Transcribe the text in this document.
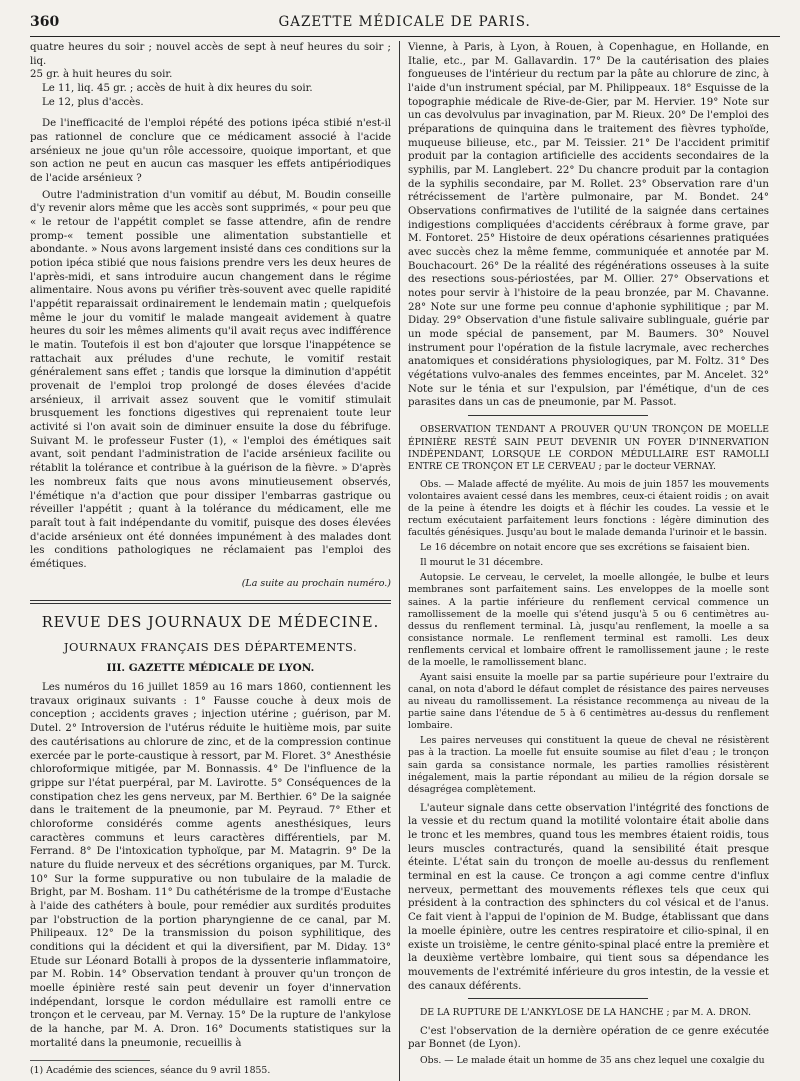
360	GAZETTE MÉDICALE DE PARIS.
quatre heures du soir ; nouvel accès de sept à neuf heures du soir ; liq.
25 gr. à huit heures du soir.
Le 11, liq. 45 gr. ; accès de huit à dix heures du soir.
Le 12, plus d'accès.

De l'inefficacité de l'emploi répété des potions ipéca stibié n'est-il pas rationnel de conclure que ce médicament associé à l'acide arsénieux ne joue qu'un rôle accessoire, quoique important, et que son action ne peut en aucun cas masquer les effets antipériodiques de l'acide arsénieux ?

Outre l'administration d'un vomitif au début, M. Boudin conseille d'y revenir alors même que les accès sont supprimés, « pour peu que « le retour de l'appétit complet se fasse attendre, afin de rendre promp-« tement possible une alimentation substantielle et abondante. » Nous avons largement insisté dans ces conditions sur la potion ipéca stibié que nous faisions prendre vers les deux heures de l'après-midi, et sans introduire aucun changement dans le régime alimentaire. Nous avons pu vérifier très-souvent avec quelle rapidité l'appétit reparaissait ordinairement le lendemain matin ; quelquefois même le jour du vomitif le malade mangeait avidement à quatre heures du soir les mêmes aliments qu'il avait reçus avec indifférence le matin. Toutefois il est bon d'ajouter que lorsque l'inappétence se rattachait aux préludes d'une rechute, le vomitif restait généralement sans effet ; tandis que lorsque la diminution d'appétit provenait de l'emploi trop prolongé de doses élevées d'acide arsénieux, il arrivait assez souvent que le vomitif stimulait brusquement les fonctions digestives qui reprenaient toute leur activité si l'on avait soin de diminuer ensuite la dose du fébrifuge. Suivant M. le professeur Fuster (1), « l'emploi des émétiques sait avant, soit pendant l'administration de l'acide arsénieux facilite ou rétablit la tolérance et contribue à la guérison de la fièvre. » D'après les nombreux faits que nous avons minutieusement observés, l'émétique n'a d'action que pour dissiper l'embarras gastrique ou réveiller l'appétit ; quant à la tolérance du médicament, elle me paraît tout à fait indépendante du vomitif, puisque des doses élevées d'acide arsénieux ont été données impunément à des malades dont les conditions pathologiques ne réclamaient pas l'emploi des émétiques.

(La suite au prochain numéro.)
REVUE DES JOURNAUX DE MÉDECINE.
JOURNAUX FRANÇAIS DES DÉPARTEMENTS.
III. GAZETTE MÉDICALE DE LYON.

Les numéros du 16 juillet 1859 au 16 mars 1860, contiennent les travaux originaux suivants : 1° Fausse couche à deux mois de conception ; accidents graves ; injection utérine ; guérison, par M. Dutel. 2° Introversion de l'utérus réduite le huitième mois, par suite des cautérisations au chlorure de zinc, et de la compression continue exercée par le porte-caustique à ressort, par M. Floret. 3° Anesthésie chloroformique mitigée, par M. Bonnassis. 4° De l'influence de la grippe sur l'état puerpéral, par M. Lavirotte. 5° Conséquences de la constipation chez les gens nerveux, par M. Berthier. 6° De la saignée dans le traitement de la pneumonie, par M. Peyraud. 7° Ether et chloroforme considérés comme agents anesthésiques, leurs caractères communs et leurs caractères différentiels, par M. Ferrand. 8° De l'intoxication typhoïque, par M. Matagrin. 9° De la nature du fluide nerveux et des sécrétions organiques, par M. Turck. 10° Sur la forme suppurative ou non tubulaire de la maladie de Bright, par M. Bosham. 11° Du cathétérisme de la trompe d'Eustache à l'aide des cathéters à boule, pour remédier aux surdités produites par l'obstruction de la portion pharyngienne de ce canal, par M. Philipeaux. 12° De la transmission du poison syphilitique, des conditions qui la décident et qui la diversifient, par M. Diday. 13° Etude sur Léonard Botalli à propos de la dyssenterie inflammatoire, par M. Robin. 14° Observation tendant à prouver qu'un tronçon de moelle épinière resté sain peut devenir un foyer d'innervation indépendant, lorsque le cordon médullaire est ramolli entre ce tronçon et le cerveau, par M. Vernay. 15° De la rupture de l'ankylose de la hanche, par M. A. Dron. 16° Documents statistiques sur la mortalité dans la pneumonie, recueillis à

(1) Académie des sciences, séance du 9 avril 1855.

Vienne, à Paris, à Lyon, à Rouen, à Copenhague, en Hollande, en Italie, etc., par M. Gallavardin. 17° De la cautérisation des plaies fongueuses de l'intérieur du rectum par la pâte au chlorure de zinc, à l'aide d'un instrument spécial, par M. Philippeaux. 18° Esquisse de la topographie médicale de Rive-de-Gier, par M. Hervier. 19° Note sur un cas devolvulus par invagination, par M. Rieux. 20° De l'emploi des préparations de quinquina dans le traitement des fièvres typhoïde, muqueuse bilieuse, etc., par M. Teissier. 21° De l'accident primitif produit par la contagion artificielle des accidents secondaires de la syphilis, par M. Langlebert. 22° Du chancre produit par la contagion de la syphilis secondaire, par M. Rollet. 23° Observation rare d'un rétrécissement de l'artère pulmonaire, par M. Bondet. 24° Observations confirmatives de l'utilité de la saignée dans certaines indigestions compliquées d'accidents cérébraux à forme grave, par M. Fontoret. 25° Histoire de deux opérations césariennes pratiquées avec succès chez la même femme, communiquée et annotée par M. Bouchacourt. 26° De la réalité des régénérations osseuses à la suite des resections sous-périostées, par M. Ollier. 27° Observations et notes pour servir à l'histoire de la peau bronzée, par M. Chavanne. 28° Note sur une forme peu connue d'aphonie syphilitique ; par M. Diday. 29° Observation d'une fistule salivaire sublinguale, guérie par un mode spécial de pansement, par M. Baumers. 30° Nouvel instrument pour l'opération de la fistule lacrymale, avec recherches anatomiques et considérations physiologiques, par M. Foltz. 31° Des végétations vulvo-anales des femmes enceintes, par M. Ancelet. 32° Note sur le ténia et sur l'expulsion, par l'émétique, d'un de ces parasites dans un cas de pneumonie, par M. Passot.

OBSERVATION TENDANT A PROUVER QU'UN TRONÇON DE MOELLE ÉPINIÈRE RESTÉ SAIN PEUT DEVENIR UN FOYER D'INNERVATION INDÉPENDANT, LORSQUE LE CORDON MÉDULLAIRE EST RAMOLLI ENTRE CE TRONÇON ET LE CERVEAU ; par le docteur VERNAY.

Obs. — Malade affecté de myélite. Au mois de juin 1857 les mouvements volontaires avaient cessé dans les membres, ceux-ci étaient roidis ; on avait de la peine à étendre les doigts et à fléchir les coudes. La vessie et le rectum exécutaient parfaitement leurs fonctions : légère diminution des facultés génésiques. Jusqu'au bout le malade demanda l'urinoir et le bassin.

Le 16 décembre on notait encore que ses excrétions se faisaient bien.

Il mourut le 31 décembre.

Autopsie. Le cerveau, le cervelet, la moelle allongée, le bulbe et leurs membranes sont parfaitement sains. Les enveloppes de la moelle sont saines. A la partie inférieure du renflement cervical commence un ramollissement de la moelle qui s'étend jusqu'à 5 ou 6 centimètres au-dessus du renflement terminal. Là, jusqu'au renflement, la moelle a sa consistance normale. Le renflement terminal est ramolli. Les deux renflements cervical et lombaire offrent le ramollissement jaune ; le reste de la moelle, le ramollissement blanc.

Ayant saisi ensuite la moelle par sa partie supérieure pour l'extraire du canal, on nota d'abord le défaut complet de résistance des paires nerveuses au niveau du ramollissement. La résistance recommença au niveau de la partie saine dans l'étendue de 5 à 6 centimètres au-dessus du renflement lombaire.

Les paires nerveuses qui constituent la queue de cheval ne résistèrent pas à la traction. La moelle fut ensuite soumise au filet d'eau ; le tronçon sain garda sa consistance normale, les parties ramollies résistèrent inégalement, mais la partie répondant au milieu de la région dorsale se désagrégea complètement.

L'auteur signale dans cette observation l'intégrité des fonctions de la vessie et du rectum quand la motilité volontaire était abolie dans le tronc et les membres, quand tous les membres étaient roidis, tous leurs muscles contracturés, quand la sensibilité était presque éteinte. L'état sain du tronçon de moelle au-dessus du renflement terminal en est la cause. Ce tronçon a agi comme centre d'influx nerveux, permettant des mouvements réflexes tels que ceux qui président à la contraction des sphincters du col vésical et de l'anus. Ce fait vient à l'appui de l'opinion de M. Budge, établissant que dans la moelle épinière, outre les centres respiratoire et cilio-spinal, il en existe un troisième, le centre génito-spinal placé entre la première et la deuxième vertèbre lombaire, qui tient sous sa dépendance les mouvements de l'extrémité inférieure du gros intestin, de la vessie et des canaux déférents.

DE LA RUPTURE DE L'ANKYLOSE DE LA HANCHE ; par M. A. DRON.

C'est l'observation de la dernière opération de ce genre exécutée par Bonnet (de Lyon).

Obs. — Le malade était un homme de 35 ans chez lequel une coxalgie du
